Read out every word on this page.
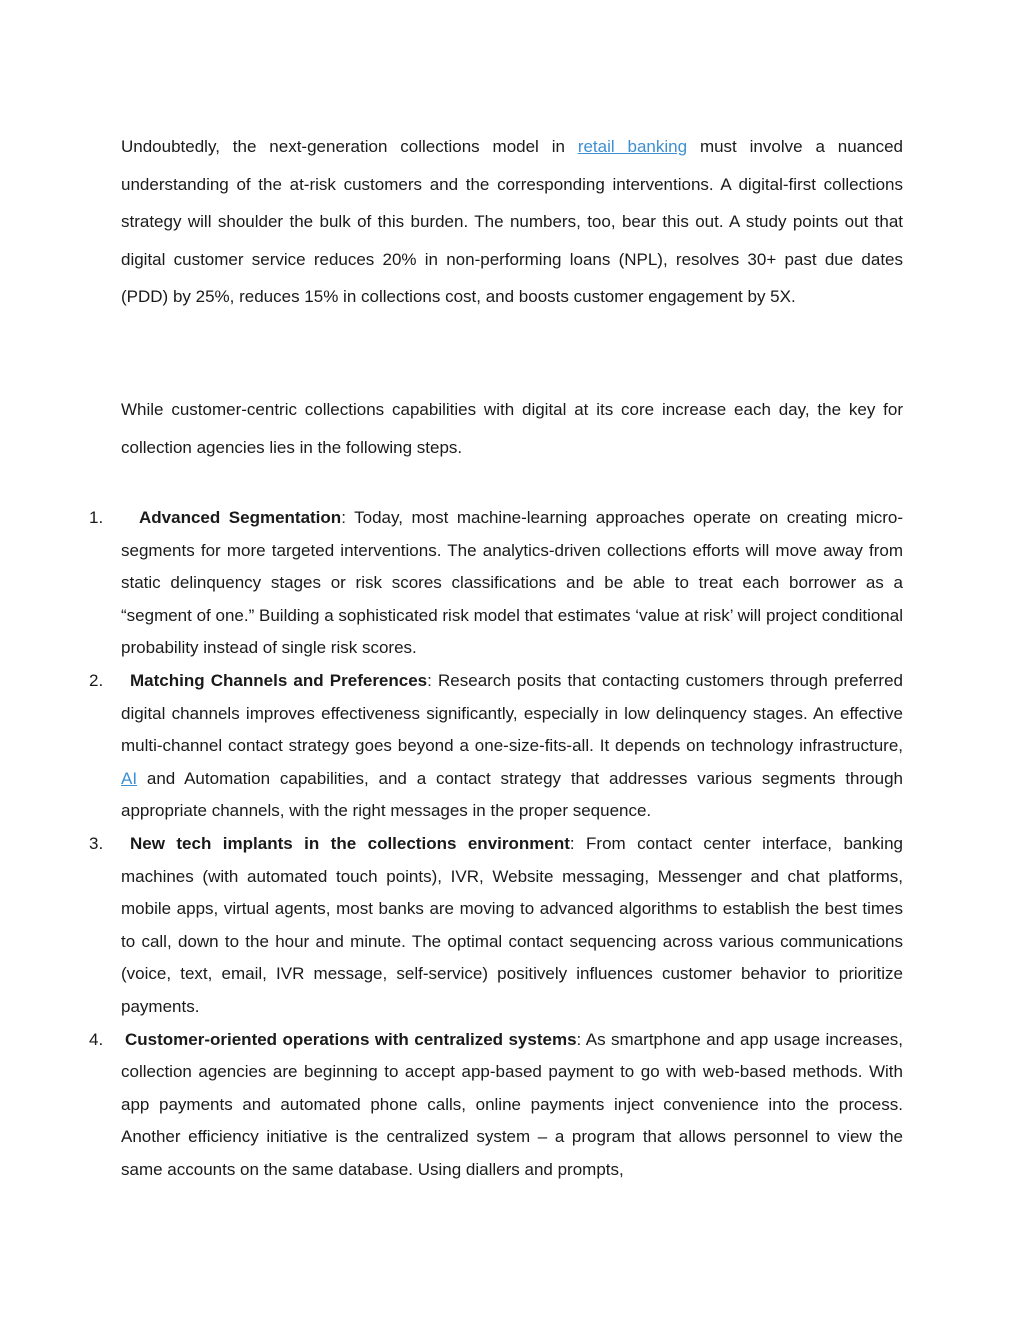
Undoubtedly, the next-generation collections model in retail banking must involve a nuanced understanding of the at-risk customers and the corresponding interventions. A digital-first collections strategy will shoulder the bulk of this burden. The numbers, too, bear this out. A study points out that digital customer service reduces 20% in non-performing loans (NPL), resolves 30+ past due dates (PDD) by 25%, reduces 15% in collections cost, and boosts customer engagement by 5X.

While customer-centric collections capabilities with digital at its core increase each day, the key for collection agencies lies in the following steps.

1.	Advanced Segmentation: Today, most machine-learning approaches operate on creating micro-segments for more targeted interventions. The analytics-driven collections efforts will move away from static delinquency stages or risk scores classifications and be able to treat each borrower as a “segment of one.” Building a sophisticated risk model that estimates ‘value at risk’ will project conditional probability instead of single risk scores.

2.	Matching Channels and Preferences: Research posits that contacting customers through preferred digital channels improves effectiveness significantly, especially in low delinquency stages. An effective multi-channel contact strategy goes beyond a one-size-fits-all. It depends on technology infrastructure, AI and Automation capabilities, and a contact strategy that addresses various segments through appropriate channels, with the right messages in the proper sequence.

3.	New tech implants in the collections environment: From contact center interface, banking machines (with automated touch points), IVR, Website messaging, Messenger and chat platforms, mobile apps, virtual agents, most banks are moving to advanced algorithms to establish the best times to call, down to the hour and minute. The optimal contact sequencing across various communications (voice, text, email, IVR message, self-service) positively influences customer behavior to prioritize payments.

4. Customer-oriented operations with centralized systems: As smartphone and app usage increases, collection agencies are beginning to accept app-based payment to go with web-based methods. With app payments and automated phone calls, online payments inject convenience into the process. Another efficiency initiative is the centralized system – a program that allows personnel to view the same accounts on the same database. Using diallers and prompts,
